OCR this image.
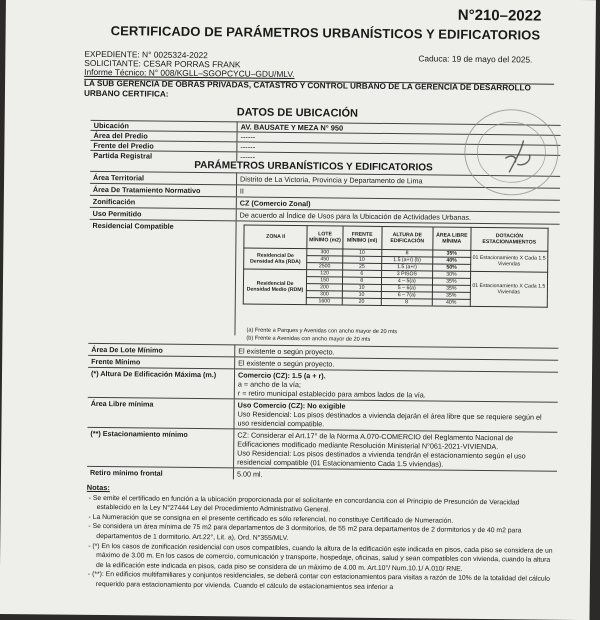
N°210–2022
CERTIFICADO DE PARÁMETROS URBANÍSTICOS Y EDIFICATORIOS
EXPEDIENTE: N° 0025324-2022	Caduca: 19 de mayo del 2025.
SOLICITANTE: CESAR PORRAS FRANK
Informe Técnico: N° 008/KGLL–SGOPCYCU–GDU/MLV.
LA SUB GERENCIA DE OBRAS PRIVADAS, CATASTRO Y CONTROL URBANO DE LA GERENCIA DE DESARROLLO URBANO CERTIFICA:
DATOS DE UBICACIÓN
Ubicación	AV. BAUSATE Y MEZA N° 950
Área del Predio	------
Frente del Predio	------
Partida Registral	------
PARÁMETROS URBANÍSTICOS Y EDIFICATORIOS
Área Territorial	Distrito de La Victoria, Provincia y Departamento de Lima
Área De Tratamiento Normativo	II
Zonificación	CZ (Comercio Zonal)
Uso Permitido	De acuerdo al Índice de Usos para la Ubicación de Actividades Urbanas.
Residencial Compatible	
ZONA II	LOTE MÍNIMO (m2)	FRENTE MÍNIMO (ml)	ALTURA DE EDIFICACIÓN	ÁREA LIBRE MÍNIMA	DOTACIÓN ESTACIONAMIENTOS
Residencial De Densidad Alta (RDA)	300	10	8	35%	01 Estacionamiento X Cada 1.5 Viviendas
	450	10	1.5 (a+r) (b)	40%	
	2500	25	1.5 (a+r)	50%	
Residencial De Densidad Medio (RDM)	120	6	3 PISOS	30%	01 Estacionamiento X Cada 1.5 Viviendas
	150	8	4 – 5(a)	35%	
	200	10	5 – 6(a)	35%	
	300	10	6 – 7(a)	35%	
	1600	20	8	40%	
(a) Frente a Parques y Avenidas con ancho mayor de 20 mts
(b) Frente a Avenidas con ancho mayor de 20 mts
Área De Lote Mínimo	El existente o según proyecto.
Frente Mínimo	El existente o según proyecto.
(*) Altura De Edificación Máxima (m.)	Comercio (CZ): 1.5 (a + r).
a = ancho de la vía;
r = retiro municipal establecido para ambos lados de la vía.

Área Libre mínima	Uso Comercio (CZ): No exigible
Uso Residencial: Los pisos destinados a vivienda dejarán el área libre que se requiere según el uso residencial compatible.

(**) Estacionamiento mínimo	CZ: Considerar el Art.17° de la Norma A.070-COMERCIO del Reglamento Nacional de Edificaciones modificado mediante Resolución Ministerial N°061-2021-VIVIENDA.
Uso Residencial: Los pisos destinados a vivienda tendrán el estacionamiento según el uso residencial compatible (01 Estacionamiento Cada 1.5 viviendas).

Retiro mínimo frontal	5.00 ml.
Notas:

- Se emite el certificado en función a la ubicación proporcionada por el solicitante en concordancia con el Principio de Presunción de Veracidad establecido en la Ley N°27444 Ley del Procedimiento Administrativo General.

- La Numeración que se consigna en el presente certificado es sólo referencial, no constituye Certificado de Numeración.

- Se considera un área mínima de 75 m2 para departamentos de 3 dormitorios, de 55 m2 para departamentos de 2 dormitorios y de 40 m2 para departamentos de 1 dormitorio. Art.22°, Lit. a), Ord. N°355/MLV.

- (*) En los casos de zonificación residencial con usos compatibles, cuando la altura de la edificación este indicada en pisos, cada piso se considera de un máximo de 3.00 m. En los casos de comercio, comunicación y transporte, hospedaje, oficinas, salud y sean compatibles con vivienda, cuando la altura de la edificación este indicada en pisos, cada piso se considera de un máximo de 4.00 m. Art.10°/ Num.10.1/ A.010/ RNE.

- (**): En edificios multifamiliares y conjuntos residenciales, se deberá contar con estacionamientos para visitas a razón de 10% de la totalidad del cálculo requerido para estacionamiento por vivienda. Cuando el cálculo de estacionamientos sea inferior a
